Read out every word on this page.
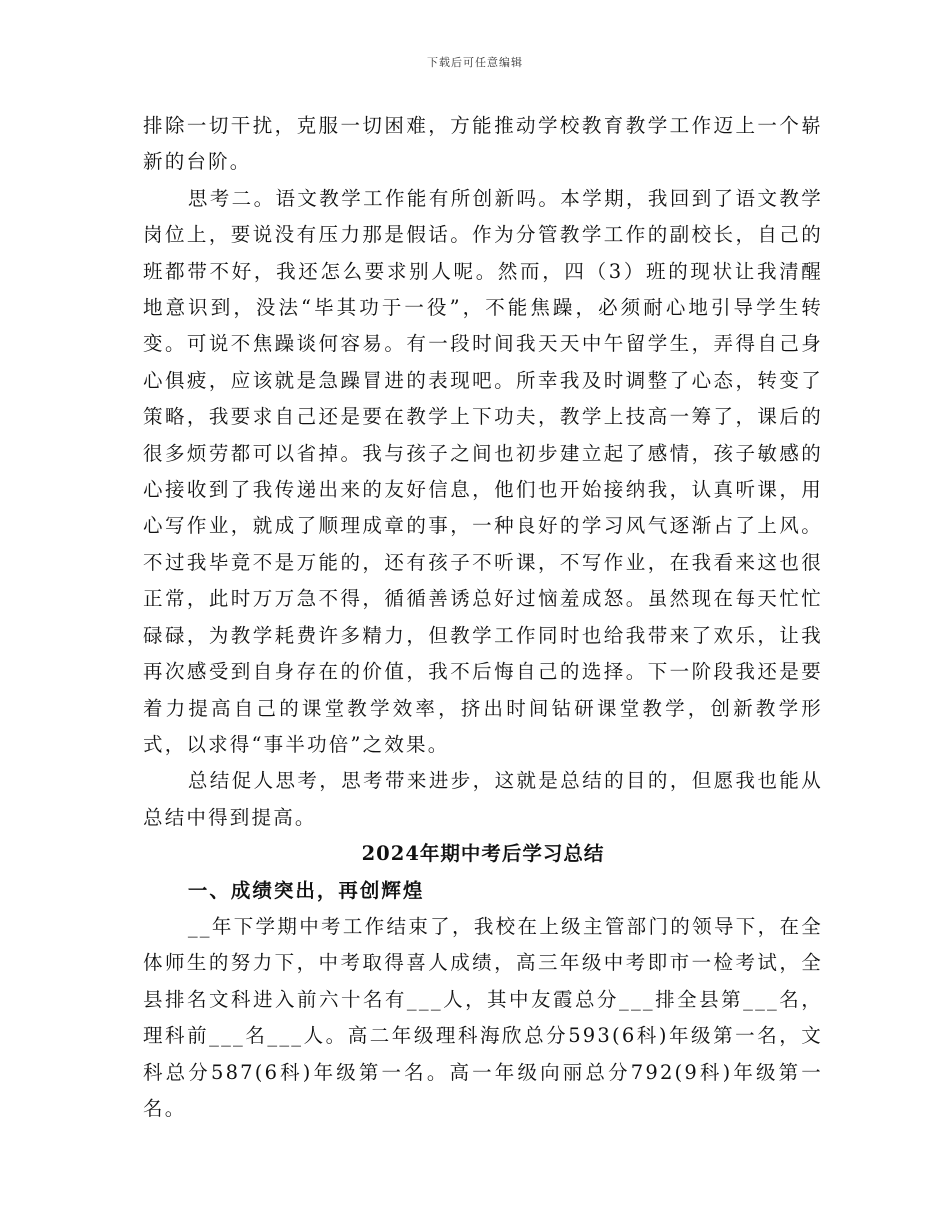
下载后可任意编辑

排除一切干扰，克服一切困难，方能推动学校教育教学工作迈上一个崭新的台阶。

思考二。语文教学工作能有所创新吗。本学期，我回到了语文教学岗位上，要说没有压力那是假话。作为分管教学工作的副校长，自己的班都带不好，我还怎么要求别人呢。然而，四（3）班的现状让我清醒地意识到，没法“毕其功于一役”，不能焦躁，必须耐心地引导学生转变。可说不焦躁谈何容易。有一段时间我天天中午留学生，弄得自己身心俱疲，应该就是急躁冒进的表现吧。所幸我及时调整了心态，转变了策略，我要求自己还是要在教学上下功夫，教学上技高一筹了，课后的很多烦劳都可以省掉。我与孩子之间也初步建立起了感情，孩子敏感的心接收到了我传递出来的友好信息，他们也开始接纳我，认真听课，用心写作业，就成了顺理成章的事，一种良好的学习风气逐渐占了上风。不过我毕竟不是万能的，还有孩子不听课，不写作业，在我看来这也很正常，此时万万急不得，循循善诱总好过恼羞成怒。虽然现在每天忙忙碌碌，为教学耗费许多精力，但教学工作同时也给我带来了欢乐，让我再次感受到自身存在的价值，我不后悔自己的选择。下一阶段我还是要着力提高自己的课堂教学效率，挤出时间钻研课堂教学，创新教学形式，以求得“事半功倍”之效果。

总结促人思考，思考带来进步，这就是总结的目的，但愿我也能从总结中得到提高。

2024年期中考后学习总结

一、成绩突出，再创辉煌

__年下学期中考工作结束了，我校在上级主管部门的领导下，在全体师生的努力下，中考取得喜人成绩，高三年级中考即市一检考试，全县排名文科进入前六十名有___人，其中友霞总分___排全县第___名，理科前___名___人。高二年级理科海欣总分593(6科)年级第一名，文科总分587(6科)年级第一名。高一年级向丽总分792(9科)年级第一名。
